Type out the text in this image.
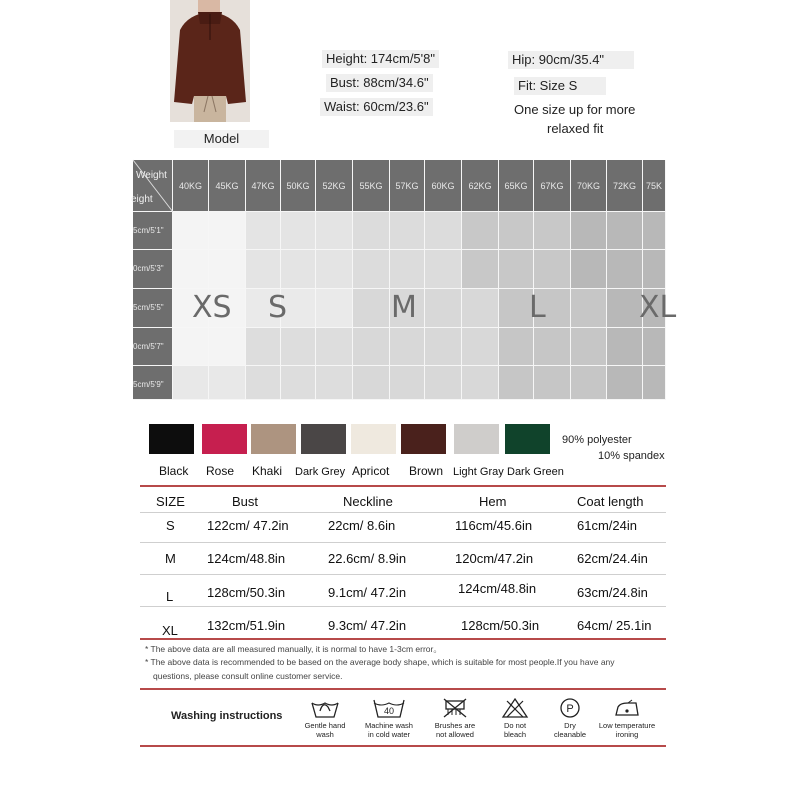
Model
Height: 174cm/5'8"
Bust: 88cm/34.6"
Waist: 60cm/23.6"
Hip: 90cm/35.4"
Fit: Size S
One size up for more
relaxed fit
Weight
eight
40KG	45KG	47KG	50KG	52KG	55KG	57KG	60KG	62KG	65KG	67KG	70KG	72KG	75K
5cm/5'1"
0cm/5'3"
5cm/5'5"
0cm/5'7"
5cm/5'9"
XS S	M	L	XL
Black Rose Khaki Dark Grey Apricot Brown Light Gray Dark Green
90% polyester
10% spandex
SIZE	Bust	Neckline	Hem	Coat length
S 122cm/ 47.2in	22cm/ 8.6in	116cm/45.6in	61cm/24in
M 124cm/48.8in	22.6cm/ 8.9in	120cm/47.2in	62cm/24.4in
L	128cm/50.3in	9.1cm/ 47.2in	124cm/48.8in	63cm/24.8in
XL 132cm/51.9in	9.3cm/ 47.2in	128cm/50.3in	64cm/ 25.1in
* The above data are all measured manually, it is normal to have 1-3cm error。
* The above data is recommended to be based on the average body shape, which is suitable for most people.If you have any
questions, please consult online customer service.
Washing instructions
Gentle hand
wash
40
Machine wash
in cold water
Brushes are
not allowed
Do not
bleach
P
Dry
cleanable
Low temperature
ironing
